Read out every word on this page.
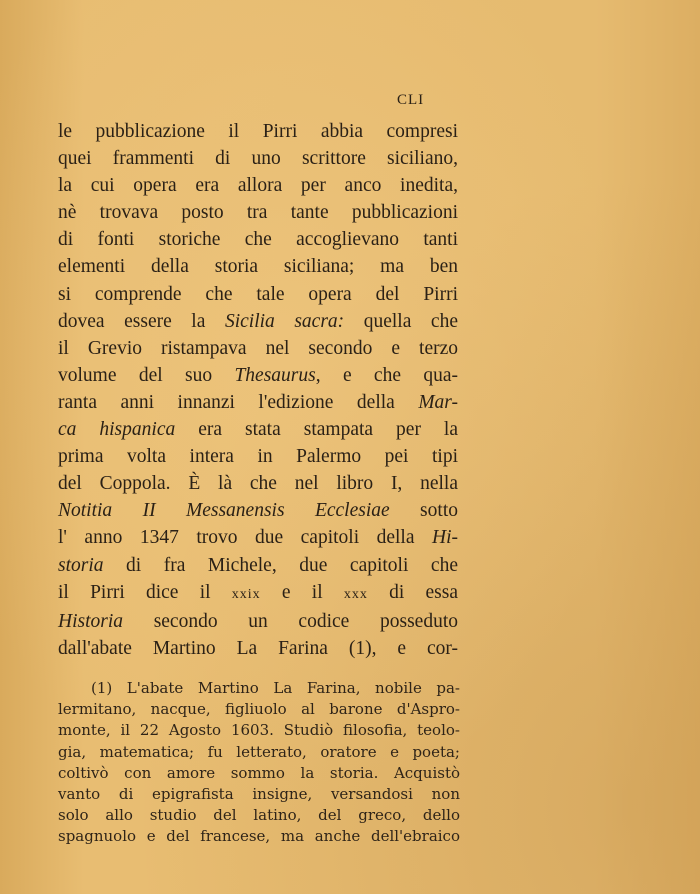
CLI
le pubblicazione il Pirri abbia compresi
quei frammenti di uno scrittore siciliano,
la cui opera era allora per anco inedita,
nè trovava posto tra tante pubblicazioni
di fonti storiche che accoglievano tanti
elementi della storia siciliana; ma ben
si comprende che tale opera del Pirri
dovea essere la Sicilia sacra: quella che
il Grevio ristampava nel secondo e terzo
volume del suo Thesaurus, e che qua-
ranta anni innanzi l'edizione della Mar-
ca hispanica era stata stampata per la
prima volta intera in Palermo pei tipi
del Coppola. È là che nel libro I, nella
Notitia II Messanensis Ecclesiae sotto
l' anno 1347 trovo due capitoli della Hi-
storia di fra Michele, due capitoli che
il Pirri dice il xxix e il xxx di essa
Historia secondo un codice posseduto
dall'abate Martino La Farina (1), e cor-
(1) L'abate Martino La Farina, nobile pa-
lermitano, nacque, figliuolo al barone d'Aspro-
monte, il 22 Agosto 1603. Studiò filosofia, teolo-
gia, matematica; fu letterato, oratore e poeta;
coltivò con amore sommo la storia. Acquistò
vanto di epigrafista insigne, versandosi non
solo allo studio del latino, del greco, dello
spagnuolo e del francese, ma anche dell'ebraico
